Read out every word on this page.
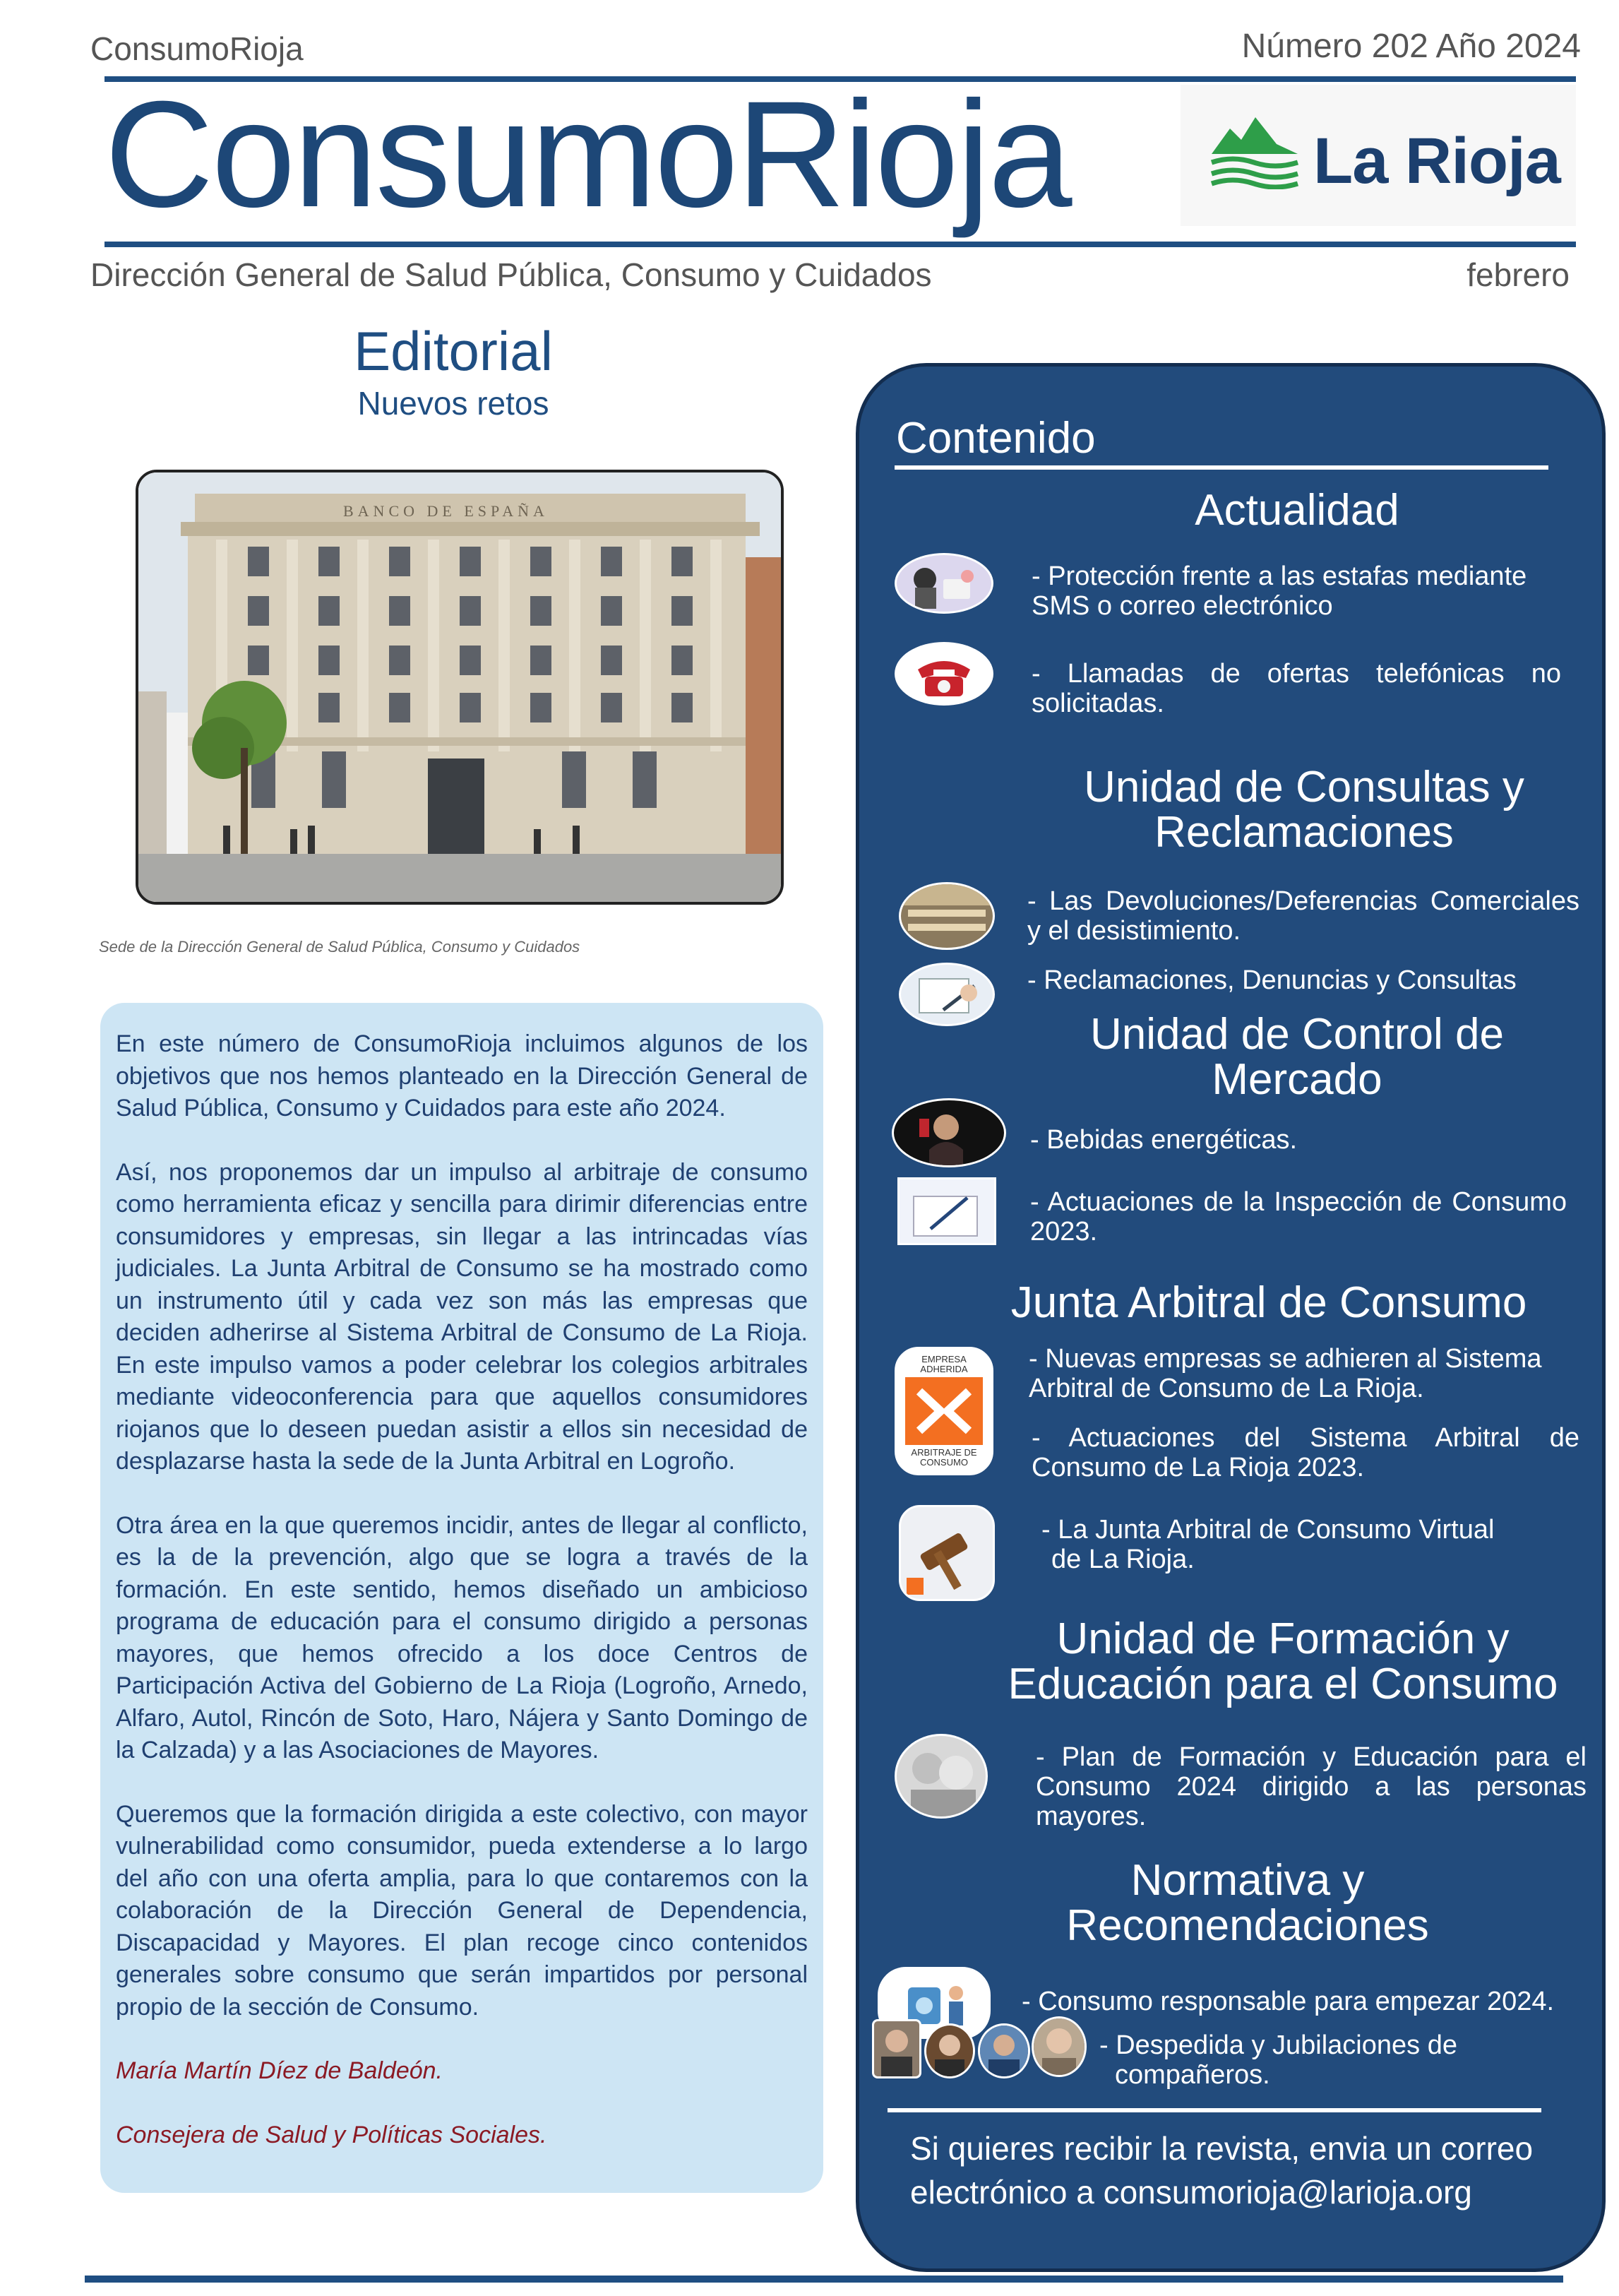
ConsumoRioja	Número 202 Año 2024
ConsumoRioja	La Rioja
Dirección General de Salud Pública, Consumo y Cuidados	febrero
Editorial
Nuevos retos
BANCO DE ESPAÑA
Sede de la Dirección General de Salud Pública, Consumo y Cuidados

En este número de ConsumoRioja incluimos algunos de los objetivos que nos hemos planteado en la Dirección General de Salud Pública, Consumo y Cuidados para este año 2024.

Así, nos proponemos dar un impulso al arbitraje de consumo como herramienta eficaz y sencilla para dirimir diferencias entre consumidores y empresas, sin llegar a las intrincadas vías judiciales. La Junta Arbitral de Consumo se ha mostrado como un instrumento útil y cada vez son más las empresas que deciden adherirse al Sistema Arbitral de Consumo de La Rioja. En este impulso vamos a poder celebrar los colegios arbitrales mediante videoconferencia para que aquellos consumidores riojanos que lo deseen puedan asistir a ellos sin necesidad de desplazarse hasta la sede de la Junta Arbitral en Logroño.

Otra área en la que queremos incidir, antes de llegar al conflicto, es la de la prevención, algo que se logra a través de la formación. En este sentido, hemos diseñado un ambicioso programa de educación para el consumo dirigido a personas mayores, que hemos ofrecido a los doce Centros de Participación Activa del Gobierno de La Rioja (Logroño, Arnedo, Alfaro, Autol, Rincón de Soto, Haro, Nájera y Santo Domingo de la Calzada) y a las Asociaciones de Mayores.

Queremos que la formación dirigida a este colectivo, con mayor vulnerabilidad como consumidor, pueda extenderse a lo largo del año con una oferta amplia, para lo que contaremos con la colaboración de la Dirección General de Dependencia, Discapacidad y Mayores. El plan recoge cinco contenidos generales sobre consumo que serán impartidos por personal propio de la sección de Consumo.

María Martín Díez de Baldeón.

Consejera de Salud y Políticas Sociales.

Contenido
Actualidad
- Protección frente a las estafas mediante SMS o correo electrónico
- Llamadas de ofertas telefónicas no solicitadas.
Unidad de Consultas y
Reclamaciones
- Las Devoluciones/Deferencias Comerciales y el desistimiento.
- Reclamaciones, Denuncias y Consultas
Unidad de Control de
Mercado
- Bebidas energéticas.
- Actuaciones de la Inspección de Consumo 2023.
Junta Arbitral de Consumo
EMPRESA ADHERIDA
ARBITRAJE DE CONSUMO
- Nuevas empresas se adhieren al Sistema Arbitral de Consumo de La Rioja.
- Actuaciones del Sistema Arbitral de Consumo de La Rioja 2023.
- La Junta Arbitral de Consumo Virtual
de La Rioja.
Unidad de Formación y
Educación para el Consumo
- Plan de Formación y Educación para el Consumo 2024 dirigido a las personas mayores.
Normativa y
Recomendaciones
- Consumo responsable para empezar 2024.
- Despedida y Jubilaciones de
compañeros.
Si quieres recibir la revista, envia un correo
electrónico a consumorioja@larioja.org
